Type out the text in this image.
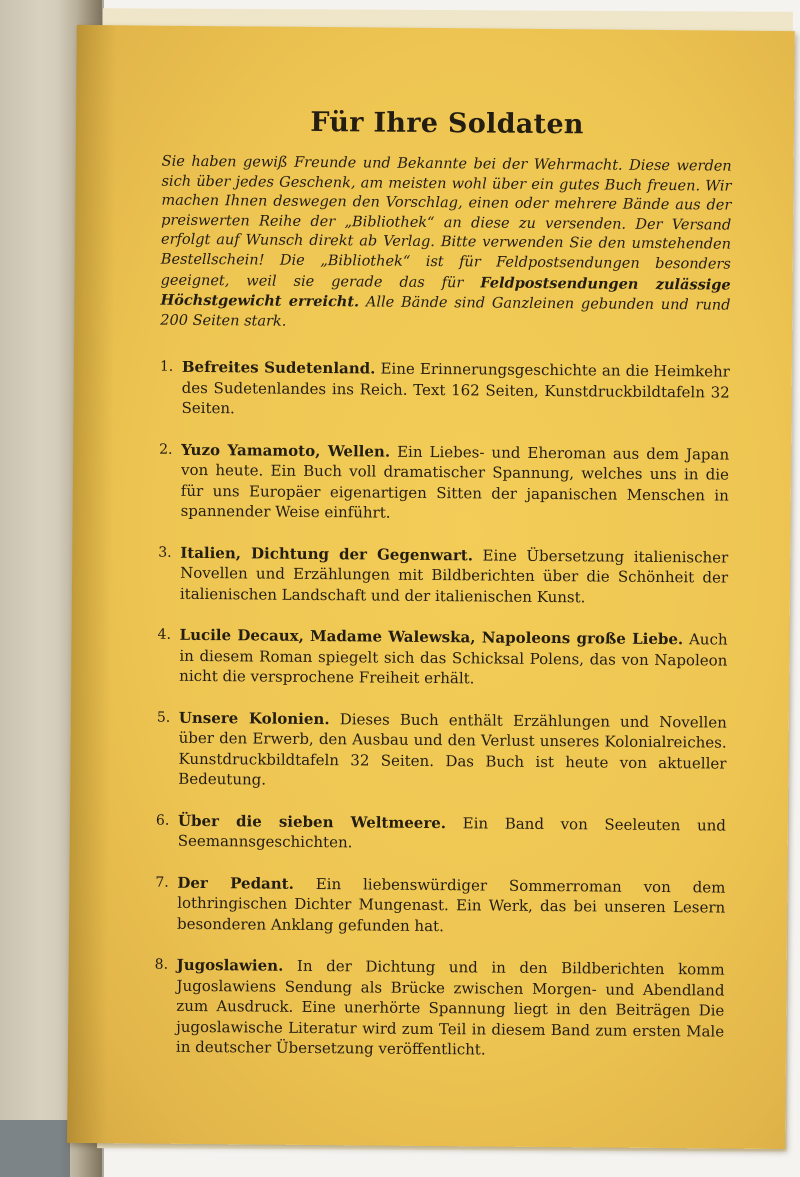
Für Ihre Soldaten

Sie haben gewiß Freunde und Bekannte bei der Wehrmacht. Diese werden sich über jedes Geschenk, am meisten wohl über ein gutes Buch freuen. Wir machen Ihnen deswegen den Vorschlag, einen oder mehrere Bände aus der preiswerten Reihe der „Bibliothek“ an diese zu versenden. Der Versand erfolgt auf Wunsch direkt ab Verlag. Bitte verwenden Sie den umstehenden Bestellschein! Die „Bibliothek“ ist für Feldpostsendungen besonders geeignet, weil sie gerade das für Feldpostsendungen zulässige Höchstgewicht erreicht. Alle Bände sind Ganzleinen gebunden und rund 200 Seiten stark.

1. Befreites Sudetenland. Eine Erinnerungsgeschichte an die Heimkehr des Sudetenlandes ins Reich. Text 162 Seiten, Kunstdruckbildtafeln 32 Seiten.
2. Yuzo Yamamoto, Wellen. Ein Liebes- und Eheroman aus dem Japan von heute. Ein Buch voll dramatischer Spannung, welches uns in die für uns Europäer eigenartigen Sitten der japanischen Menschen in spannender Weise einführt.
3. Italien, Dichtung der Gegenwart. Eine Übersetzung italienischer Novellen und Erzählungen mit Bildberichten über die Schönheit der italienischen Landschaft und der italienischen Kunst.
4. Lucile Decaux, Madame Walewska, Napoleons große Liebe. Auch in diesem Roman spiegelt sich das Schicksal Polens, das von Napoleon nicht die versprochene Freiheit erhält.
5. Unsere Kolonien. Dieses Buch enthält Erzählungen und Novellen über den Erwerb, den Ausbau und den Verlust unseres Kolonialreiches. Kunstdruckbildtafeln 32 Seiten. Das Buch ist heute von aktueller Bedeutung.
6. Über die sieben Weltmeere. Ein Band von Seeleuten und Seemannsgeschichten.
7. Der Pedant. Ein liebenswürdiger Sommerroman von dem lothringischen Dichter Mungenast. Ein Werk, das bei unseren Lesern besonderen Anklang gefunden hat.
8. Jugoslawien. In der Dichtung und in den Bildberichten komm Jugoslawiens Sendung als Brücke zwischen Morgen- und Abendland zum Ausdruck. Eine unerhörte Spannung liegt in den Beiträgen Die jugoslawische Literatur wird zum Teil in diesem Band zum ersten Male in deutscher Übersetzung veröffentlicht.
